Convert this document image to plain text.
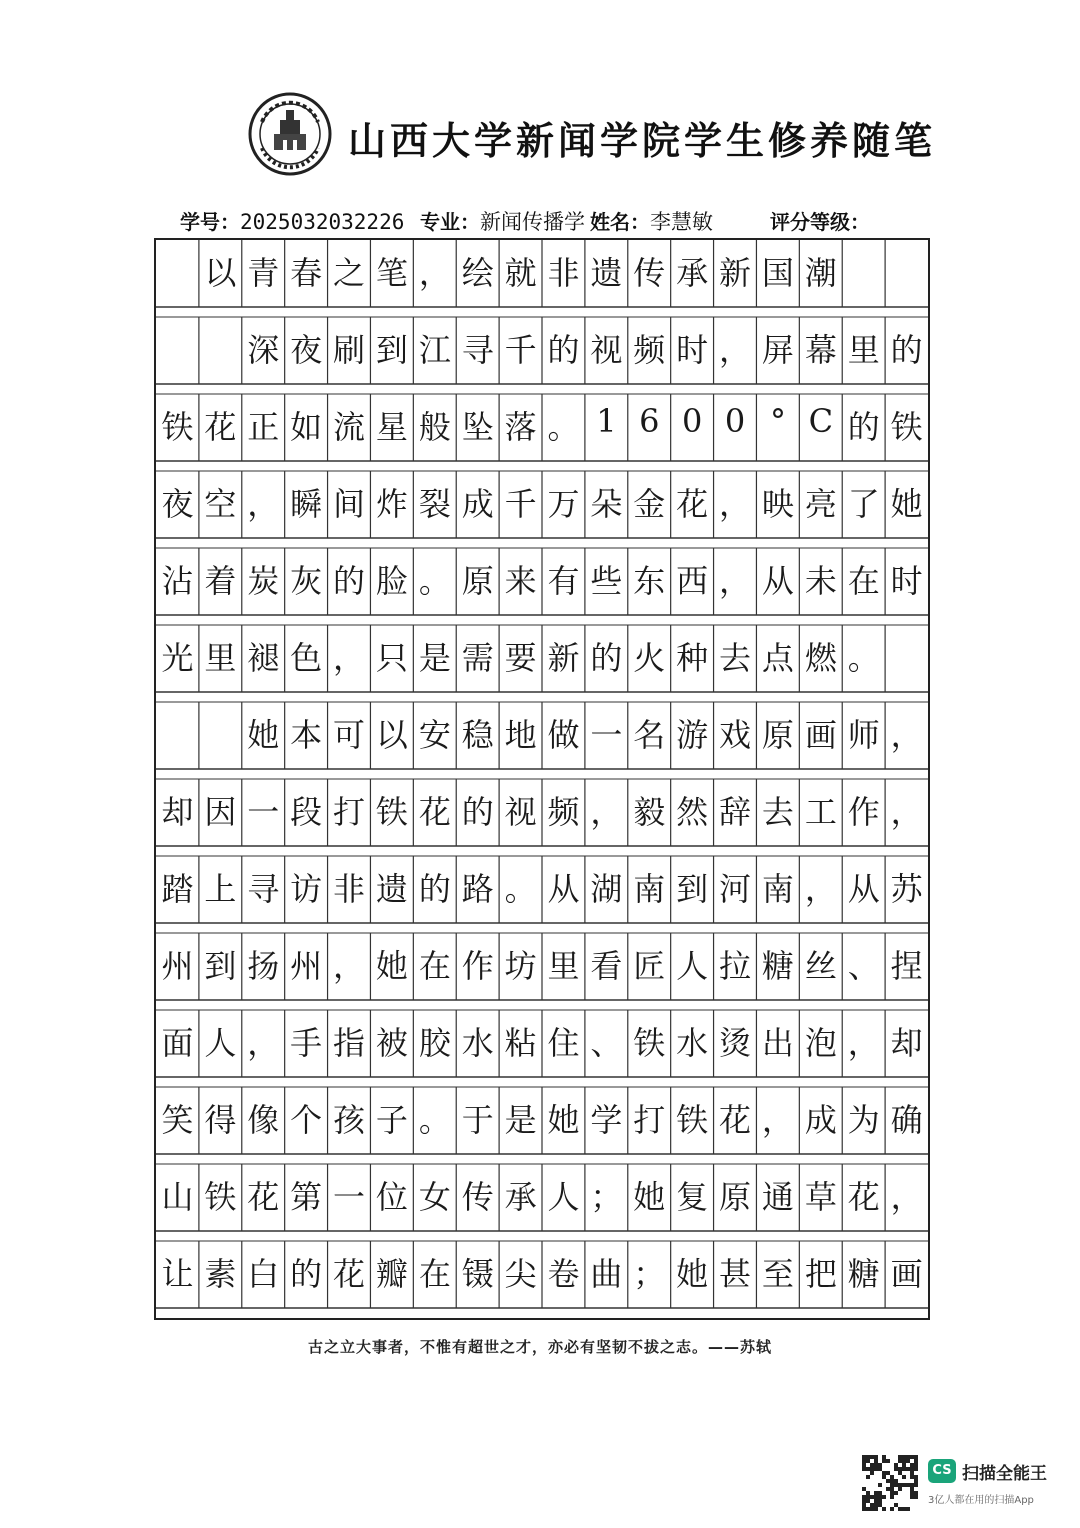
山西大学新闻学院学生修养随笔
学号：2025032032226 专业：新闻传播学 姓名：李慧敏	评分等级：
以 青 春 之 笔 ， 绘 就 非 遗 传 承 新 国 潮
深 夜 刷 到 江 寻 千 的 视 频 时 ， 屏 幕 里 的
铁 花 正 如 流 星 般 坠 落 。 1 6 0 0 ° C 的 铁
夜 空 ， 瞬 间 炸 裂 成 千 万 朵 金 花 ， 映 亮 了 她
沾 着 炭 灰 的 脸 。 原 来 有 些 东 西 ， 从 未 在 时
光 里 褪 色 ， 只 是 需 要 新 的 火 种 去 点 燃 。
她 本 可 以 安 稳 地 做 一 名 游 戏 原 画 师 ，
却 因 一 段 打 铁 花 的 视 频 ， 毅 然 辞 去 工 作 ，
踏 上 寻 访 非 遗 的 路 。 从 湖 南 到 河 南 ， 从 苏
州 到 扬 州 ， 她 在 作 坊 里 看 匠 人 拉 糖 丝 、 捏
面 人 ， 手 指 被 胶 水 粘 住 、 铁 水 烫 出 泡 ， 却
笑 得 像 个 孩 子 。 于 是 她 学 打 铁 花 ， 成 为 确
山 铁 花 第 一 位 女 传 承 人 ； 她 复 原 通 草 花 ，
让 素 白 的 花 瓣 在 镊 尖 卷 曲 ； 她 甚 至 把 糖 画
古之立大事者，不惟有超世之才，亦必有坚韧不拔之志。——苏轼
CS 扫描全能王
3亿人都在用的扫描App
